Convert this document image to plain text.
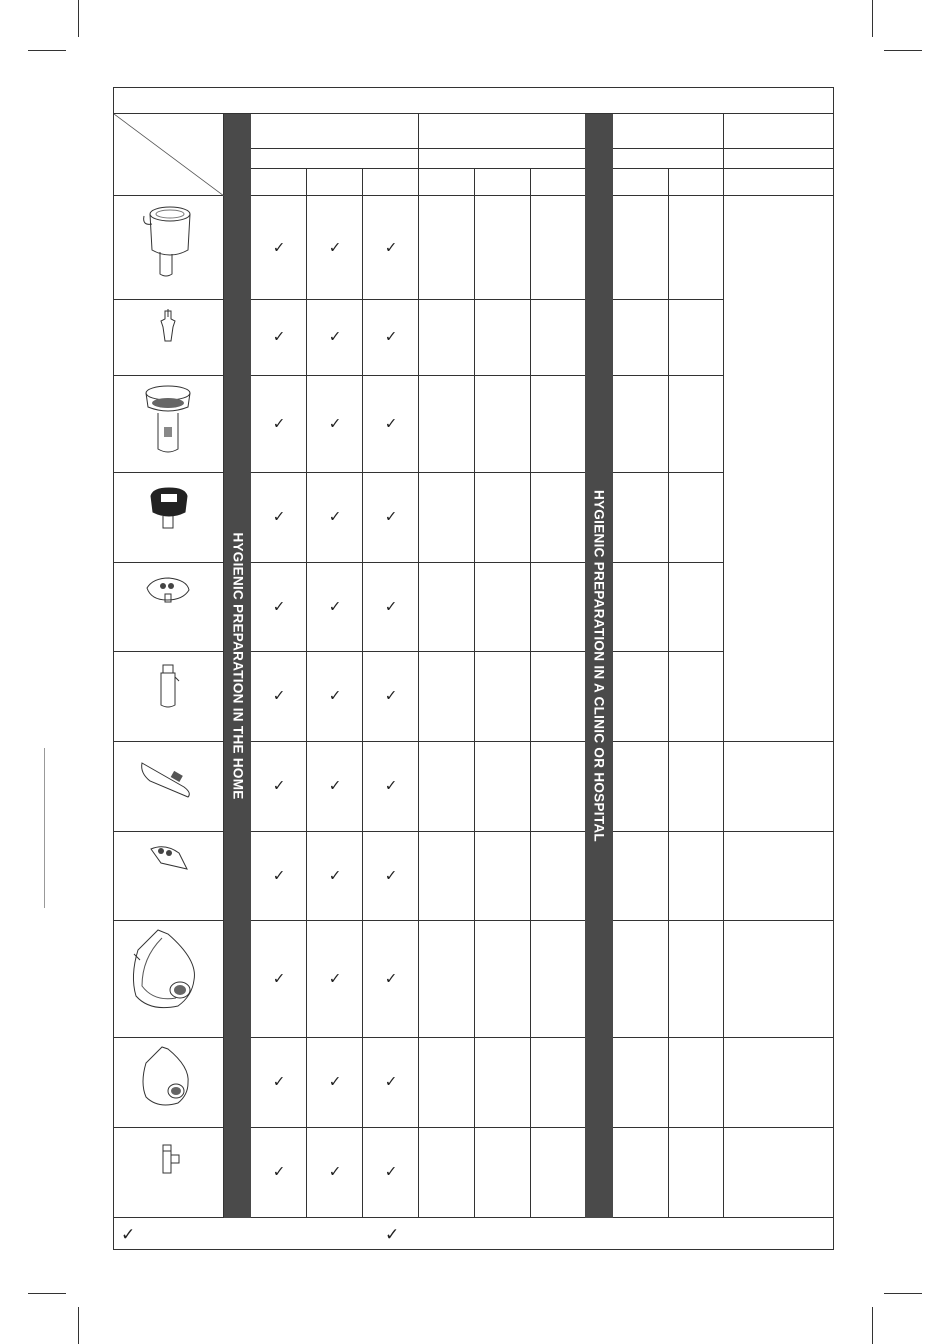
HYGIENIC PREPARATION IN THE HOME	HYGIENIC PREPARATION IN A CLINIC OR HOSPITAL
✓	✓	✓
✓	✓	✓
✓	✓	✓
✓	✓	✓
✓	✓	✓
✓	✓	✓
✓	✓	✓
✓	✓	✓
✓	✓	✓
✓	✓	✓
✓	✓	✓
✓	✓
